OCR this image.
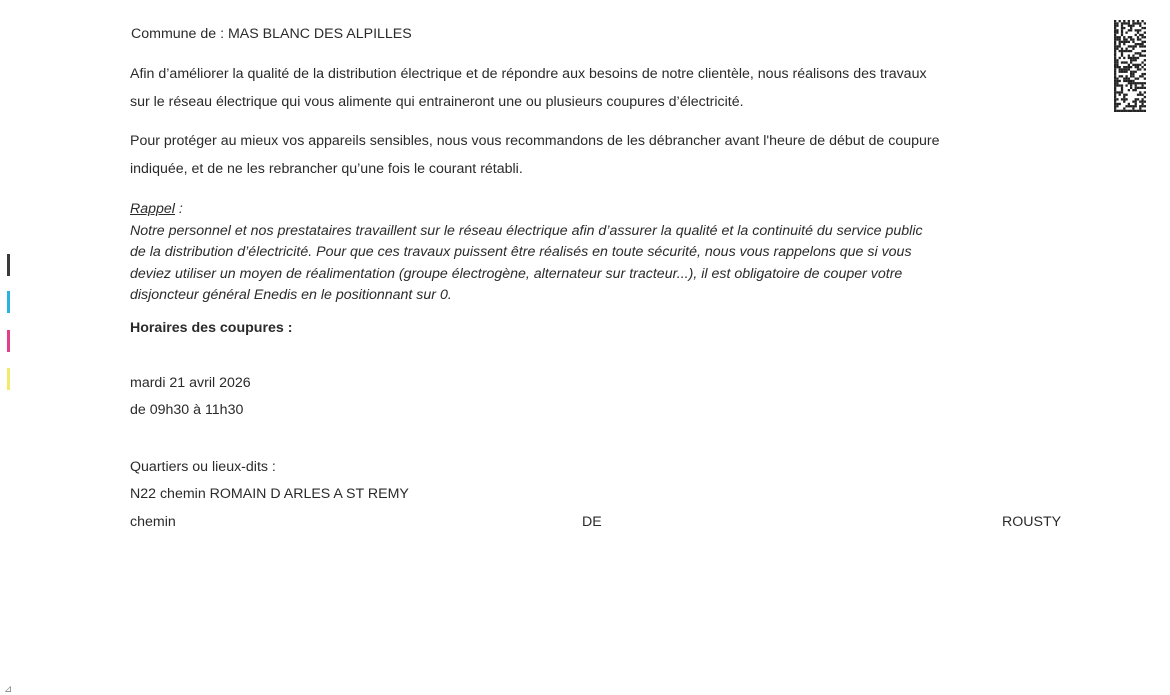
Commune de : MAS BLANC DES ALPILLES
Afin d’améliorer la qualité de la distribution électrique et de répondre aux besoins de notre clientèle, nous réalisons des travaux
sur le réseau électrique qui vous alimente qui entraineront une ou plusieurs coupures d’électricité.
Pour protéger au mieux vos appareils sensibles, nous vous recommandons de les débrancher avant l'heure de début de coupure
indiquée, et de ne les rebrancher qu’une fois le courant rétabli.
Rappel :
Notre personnel et nos prestataires travaillent sur le réseau électrique afin d’assurer la qualité et la continuité du service public
de la distribution d’électricité. Pour que ces travaux puissent être réalisés en toute sécurité, nous vous rappelons que si vous
deviez utiliser un moyen de réalimentation (groupe électrogène, alternateur sur tracteur...), il est obligatoire de couper votre
disjoncteur général Enedis en le positionnant sur 0.
Horaires des coupures :
mardi 21 avril 2026
de 09h30 à 11h30
Quartiers ou lieux-dits :
N22 chemin ROMAIN D ARLES A ST REMY
chemin	DE	ROUSTY
⊿
